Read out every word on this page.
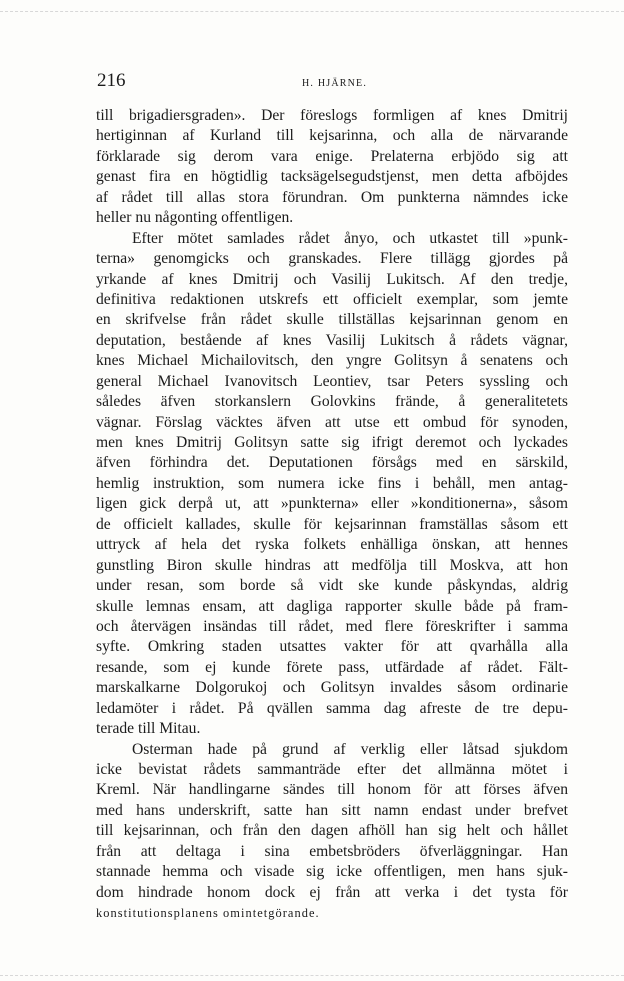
216	H. HJÄRNE.
till brigadiersgraden». Der föreslogs formligen af knes Dmitrij
hertiginnan af Kurland till kejsarinna, och alla de närvarande
förklarade sig derom vara enige. Prelaterna erbjödo sig att
genast fira en högtidlig tacksägelsegudstjenst, men detta afböjdes
af rådet till allas stora förundran. Om punkterna nämndes icke
heller nu någonting offentligen.
Efter mötet samlades rådet ånyo, och utkastet till »punk-
terna» genomgicks och granskades. Flere tillägg gjordes på
yrkande af knes Dmitrij och Vasilij Lukitsch. Af den tredje,
definitiva redaktionen utskrefs ett officielt exemplar, som jemte
en skrifvelse från rådet skulle tillställas kejsarinnan genom en
deputation, bestående af knes Vasilij Lukitsch å rådets vägnar,
knes Michael Michailovitsch, den yngre Golitsyn å senatens och
general Michael Ivanovitsch Leontiev, tsar Peters syssling och
således äfven storkanslern Golovkins frände, å generalitetets
vägnar. Förslag väcktes äfven att utse ett ombud för synoden,
men knes Dmitrij Golitsyn satte sig ifrigt deremot och lyckades
äfven förhindra det. Deputationen försågs med en särskild,
hemlig instruktion, som numera icke fins i behåll, men antag-
ligen gick derpå ut, att »punkterna» eller »konditionerna», såsom
de officielt kallades, skulle för kejsarinnan framställas såsom ett
uttryck af hela det ryska folkets enhälliga önskan, att hennes
gunstling Biron skulle hindras att medfölja till Moskva, att hon
under resan, som borde så vidt ske kunde påskyndas, aldrig
skulle lemnas ensam, att dagliga rapporter skulle både på fram-
och återvägen insändas till rådet, med flere föreskrifter i samma
syfte. Omkring staden utsattes vakter för att qvarhålla alla
resande, som ej kunde förete pass, utfärdade af rådet. Fält-
marskalkarne Dolgorukoj och Golitsyn invaldes såsom ordinarie
ledamöter i rådet. På qvällen samma dag afreste de tre depu-
terade till Mitau.
Osterman hade på grund af verklig eller låtsad sjukdom
icke bevistat rådets sammanträde efter det allmänna mötet i
Kreml. När handlingarne sändes till honom för att förses äfven
med hans underskrift, satte han sitt namn endast under brefvet
till kejsarinnan, och från den dagen afhöll han sig helt och hållet
från att deltaga i sina embetsbröders öfverläggningar. Han
stannade hemma och visade sig icke offentligen, men hans sjuk-
dom hindrade honom dock ej från att verka i det tysta för
konstitutionsplanens omintetgörande.
